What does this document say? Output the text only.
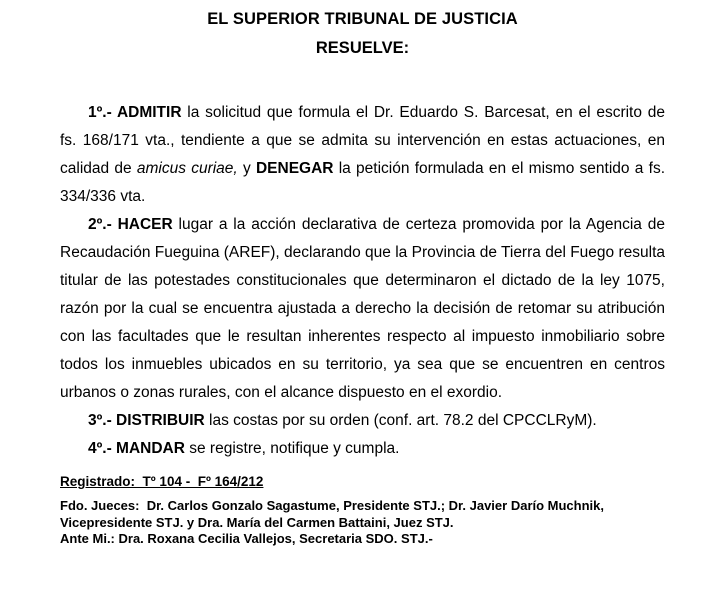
EL SUPERIOR TRIBUNAL DE JUSTICIA
RESUELVE:

1º.- ADMITIR la solicitud que formula el Dr. Eduardo S. Barcesat, en el escrito de fs. 168/171 vta., tendiente a que se admita su intervención en estas actuaciones, en calidad de amicus curiae, y DENEGAR la petición formulada en el mismo sentido a fs. 334/336 vta.

2º.- HACER lugar a la acción declarativa de certeza promovida por la Agencia de Recaudación Fueguina (AREF), declarando que la Provincia de Tierra del Fuego resulta titular de las potestades constitucionales que determinaron el dictado de la ley 1075, razón por la cual se encuentra ajustada a derecho la decisión de retomar su atribución con las facultades que le resultan inherentes respecto al impuesto inmobiliario sobre todos los inmuebles ubicados en su territorio, ya sea que se encuentren en centros urbanos o zonas rurales, con el alcance dispuesto en el exordio.

3º.- DISTRIBUIR las costas por su orden (conf. art. 78.2 del CPCCLRyM).

4º.- MANDAR se registre, notifique y cumpla.

Registrado:  Tº 104 -  Fº 164/212
Fdo. Jueces:  Dr. Carlos Gonzalo Sagastume, Presidente STJ.; Dr. Javier Darío Muchnik, Vicepresidente STJ. y Dra. María del Carmen Battaini, Juez STJ.
Ante Mi.: Dra. Roxana Cecilia Vallejos, Secretaria SDO. STJ.-
